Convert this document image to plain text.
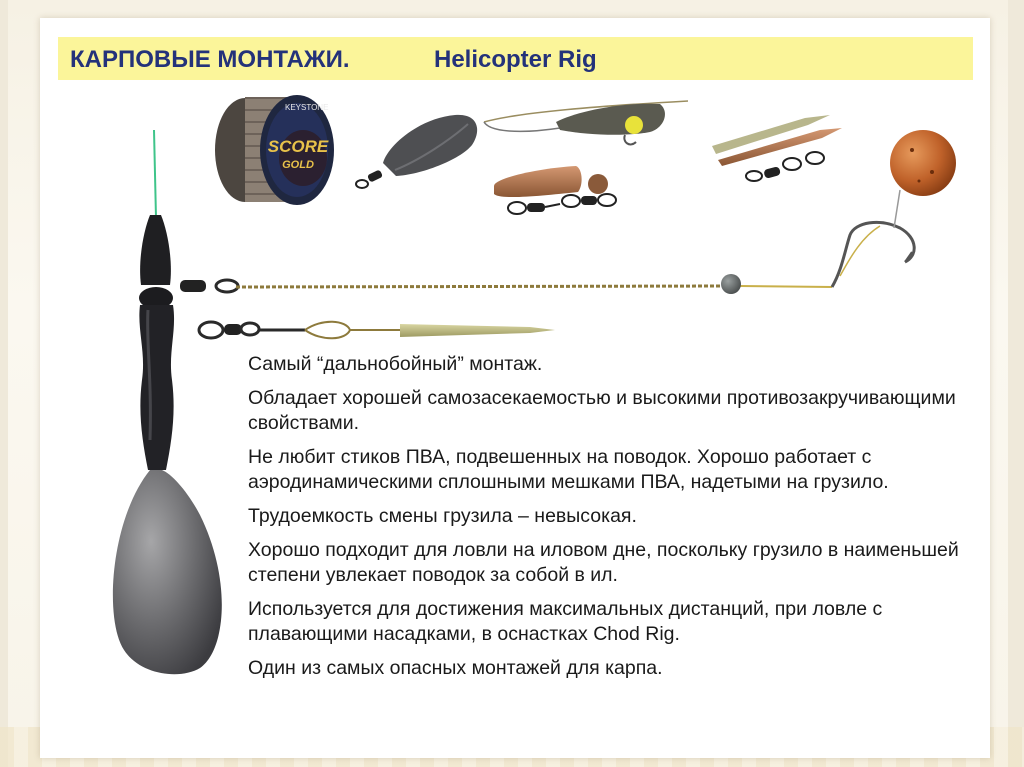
КАРПОВЫЕ МОНТАЖИ.	Helicopter Rig
KEYSTONE
SCORE
GOLD

Самый “дальнобойный” монтаж.

Обладает хорошей самозасекаемостью и высокими противозакручивающими свойствами.

Не любит стиков ПВА, подвешенных на поводок. Хорошо работает с аэродинамическими сплошными мешками ПВА, надетыми на грузило.

Трудоемкость смены грузила – невысокая.

Хорошо подходит для ловли на иловом дне, поскольку грузило в наименьшей степени увлекает поводок за собой в ил.

Используется для достижения максимальных дистанций, при ловле с плавающими насадками, в оснастках Chod Rig.

Один из самых опасных монтажей для карпа.
